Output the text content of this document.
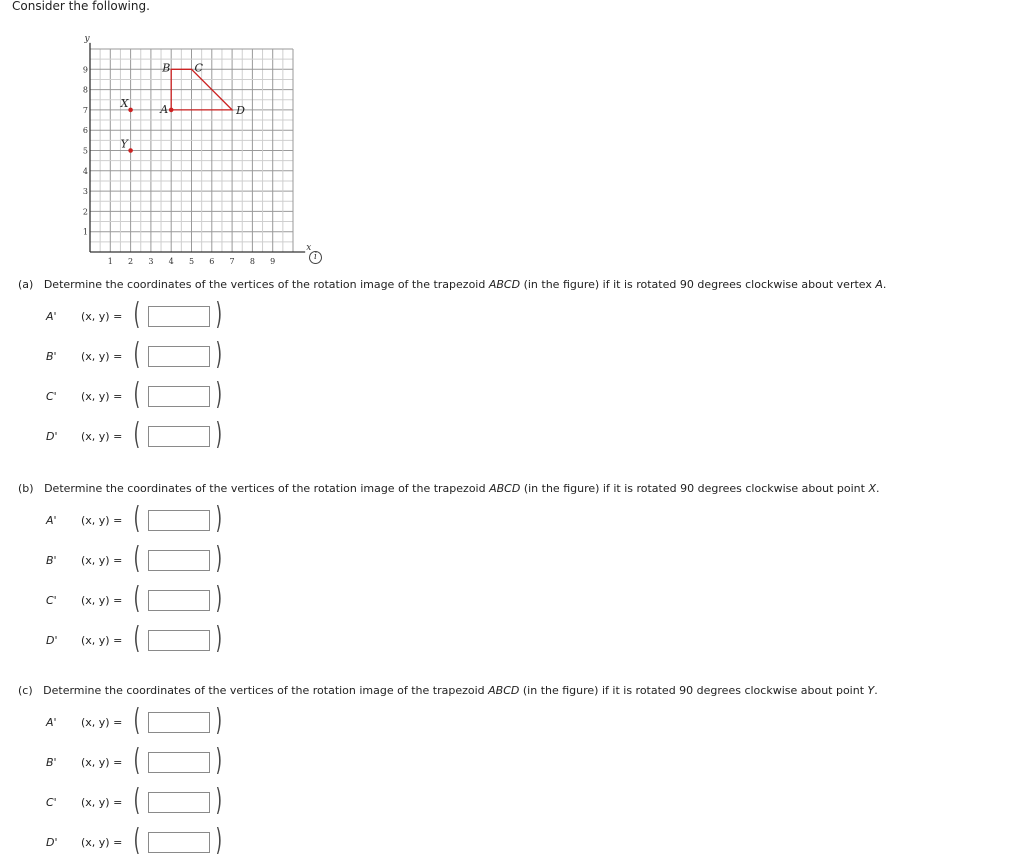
Consider the following.
x
y
1 2 3 4 5 6 7 8 9
1
2
3
4
5
6
7
8
9
A
B C
D
X
Y
i
(a) Determine the coordinates of the vertices of the rotation image of the trapezoid ABCD (in the figure) if it is rotated 90 degrees clockwise about vertex A.
A' (x, y) = (	)
B' (x, y) = (	)
C' (x, y) = (	)
D' (x, y) = (	)
(b) Determine the coordinates of the vertices of the rotation image of the trapezoid ABCD (in the figure) if it is rotated 90 degrees clockwise about point X.
A' (x, y) = (	)
B' (x, y) = (	)
C' (x, y) = (	)
D' (x, y) = (	)
(c) Determine the coordinates of the vertices of the rotation image of the trapezoid ABCD (in the figure) if it is rotated 90 degrees clockwise about point Y.
A' (x, y) = (	)
B' (x, y) = (	)
C' (x, y) = (	)
D' (x, y) = (	)
